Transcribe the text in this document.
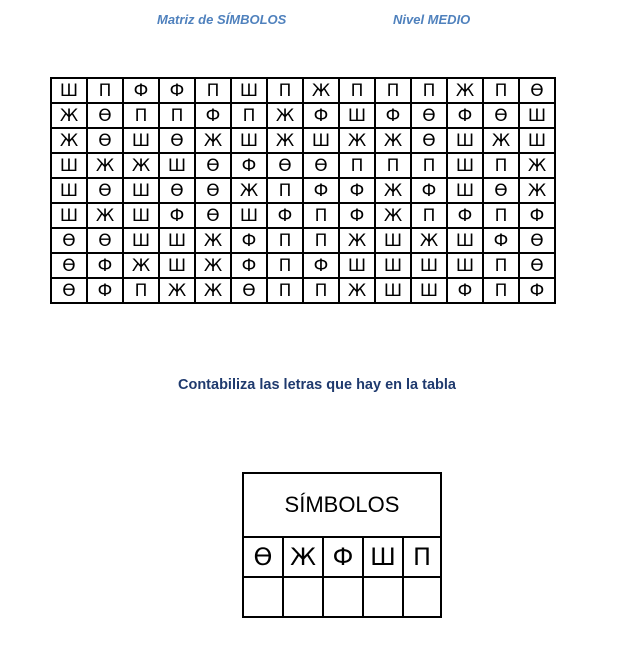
Matriz de SÍMBOLOS	Nivel MEDIO
Ш	П	Ф	Ф	П	Ш	П	Ж	П	П	П	Ж	П	Ө
Ж	Ө	П	П	Ф	П	Ж	Ф	Ш	Ф	Ө	Ф	Ө	Ш
Ж	Ө	Ш	Ө	Ж	Ш	Ж	Ш	Ж	Ж	Ө	Ш	Ж	Ш
Ш	Ж	Ж	Ш	Ө	Ф	Ө	Ө	П	П	П	Ш	П	Ж
Ш	Ө	Ш	Ө	Ө	Ж	П	Ф	Ф	Ж	Ф	Ш	Ө	Ж
Ш	Ж	Ш	Ф	Ө	Ш	Ф	П	Ф	Ж	П	Ф	П	Ф
Ө	Ө	Ш	Ш	Ж	Ф	П	П	Ж	Ш	Ж	Ш	Ф	Ө
Ө	Ф	Ж	Ш	Ж	Ф	П	Ф	Ш	Ш	Ш	Ш	П	Ө
Ө	Ф	П	Ж	Ж	Ө	П	П	Ж	Ш	Ш	Ф	П	Ф
Contabiliza las letras que hay en la tabla
SÍMBOLOS
Ө Ж Ф Ш П
